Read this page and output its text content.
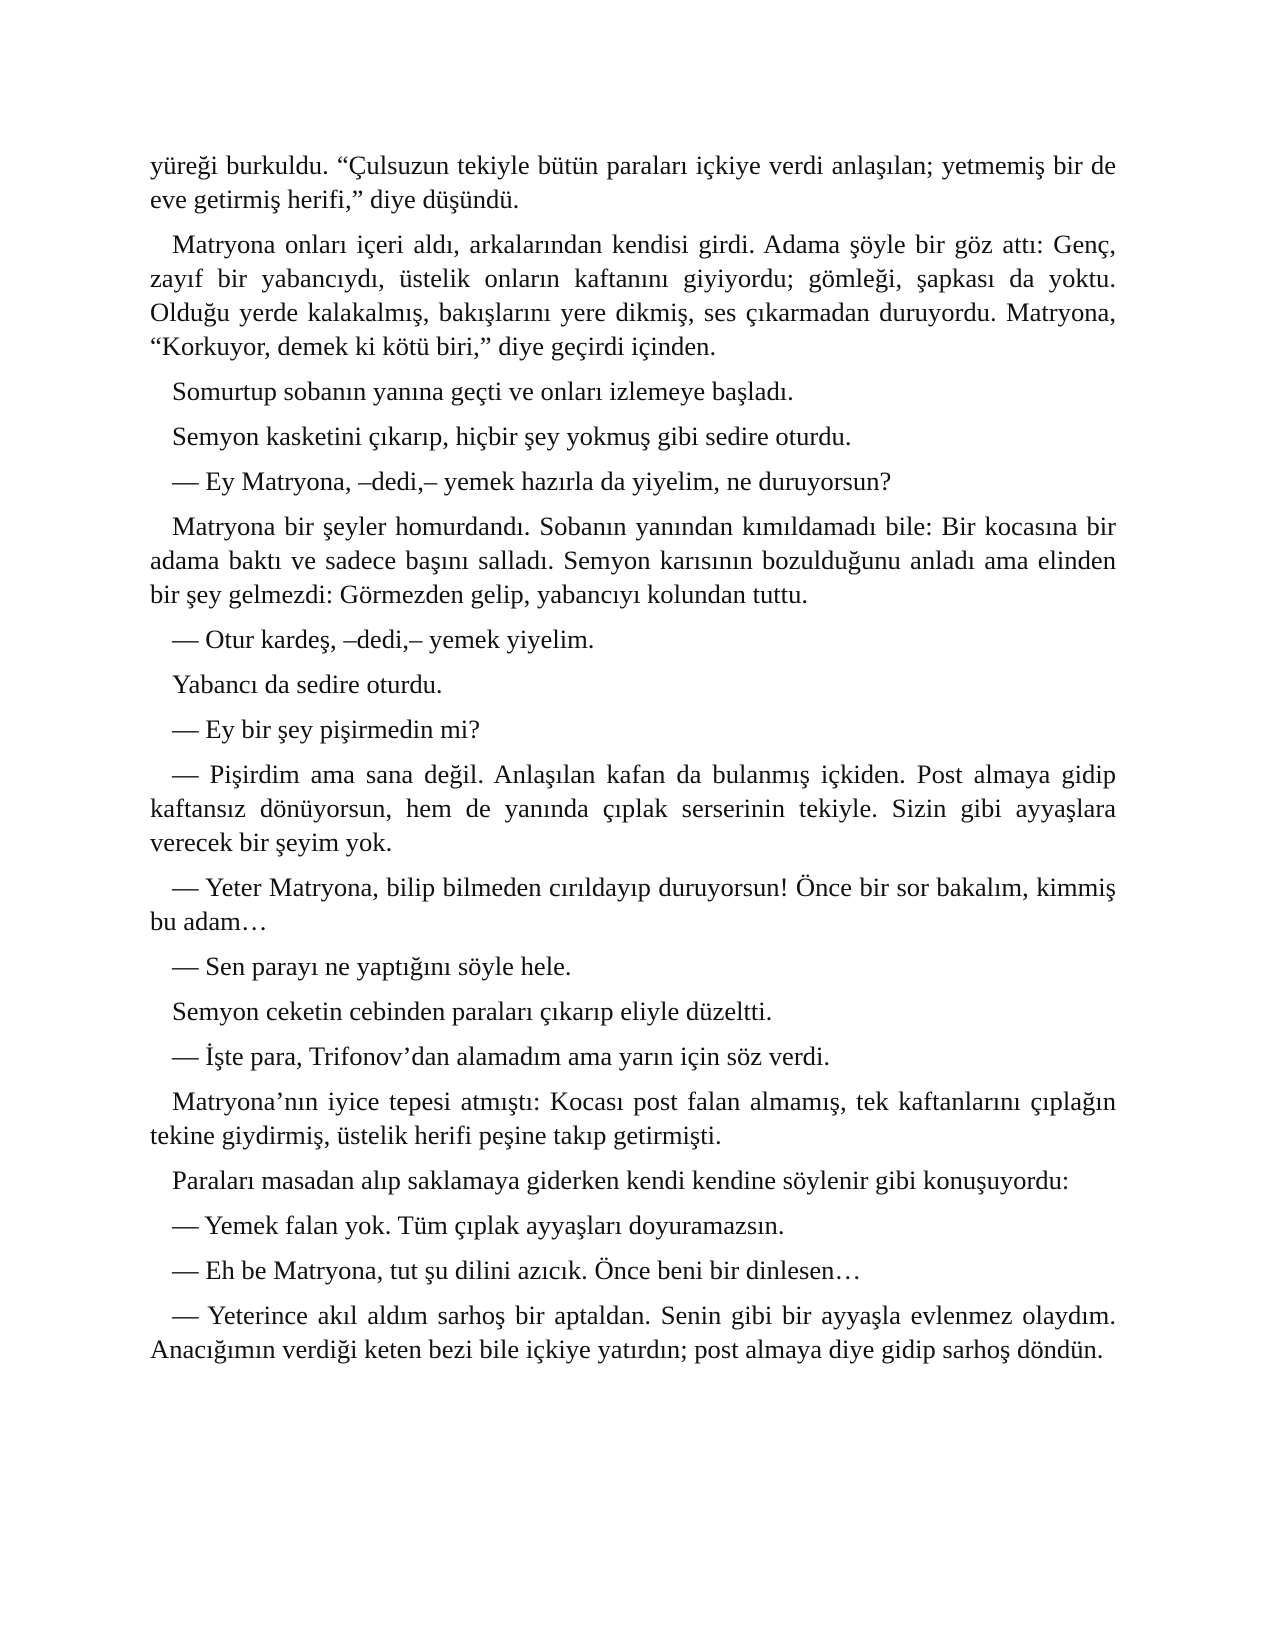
yüreği burkuldu. “Çulsuzun tekiyle bütün paraları içkiye verdi anlaşılan; yetmemiş bir de eve getirmiş herifi,” diye düşündü.

Matryona onları içeri aldı, arkalarından kendisi girdi. Adama şöyle bir göz attı: Genç, zayıf bir yabancıydı, üstelik onların kaftanını giyiyordu; gömleği, şapkası da yoktu. Olduğu yerde kalakalmış, bakışlarını yere dikmiş, ses çıkarmadan duruyordu. Matryona, “Korkuyor, demek ki kötü biri,” diye geçirdi içinden.

Somurtup sobanın yanına geçti ve onları izlemeye başladı.

Semyon kasketini çıkarıp, hiçbir şey yokmuş gibi sedire oturdu.

— Ey Matryona, –dedi,– yemek hazırla da yiyelim, ne duruyorsun?

Matryona bir şeyler homurdandı. Sobanın yanından kımıldamadı bile: Bir kocasına bir adama baktı ve sadece başını salladı. Semyon karısının bozulduğunu anladı ama elinden bir şey gelmezdi: Görmezden gelip, yabancıyı kolundan tuttu.

— Otur kardeş, –dedi,– yemek yiyelim.

Yabancı da sedire oturdu.

— Ey bir şey pişirmedin mi?

— Pişirdim ama sana değil. Anlaşılan kafan da bulanmış içkiden. Post almaya gidip kaftansız dönüyorsun, hem de yanında çıplak serserinin tekiyle. Sizin gibi ayyaşlara verecek bir şeyim yok.

— Yeter Matryona, bilip bilmeden cırıldayıp duruyorsun! Önce bir sor bakalım, kimmiş bu adam…

— Sen parayı ne yaptığını söyle hele.

Semyon ceketin cebinden paraları çıkarıp eliyle düzeltti.

— İşte para, Trifonov’dan alamadım ama yarın için söz verdi.

Matryona’nın iyice tepesi atmıştı: Kocası post falan almamış, tek kaftanlarını çıplağın tekine giydirmiş, üstelik herifi peşine takıp getirmişti.

Paraları masadan alıp saklamaya giderken kendi kendine söylenir gibi konuşuyordu:

— Yemek falan yok. Tüm çıplak ayyaşları doyuramazsın.

— Eh be Matryona, tut şu dilini azıcık. Önce beni bir dinlesen…

— Yeterince akıl aldım sarhoş bir aptaldan. Senin gibi bir ayyaşla evlenmez olaydım. Anacığımın verdiği keten bezi bile içkiye yatırdın; post almaya diye gidip sarhoş döndün.
